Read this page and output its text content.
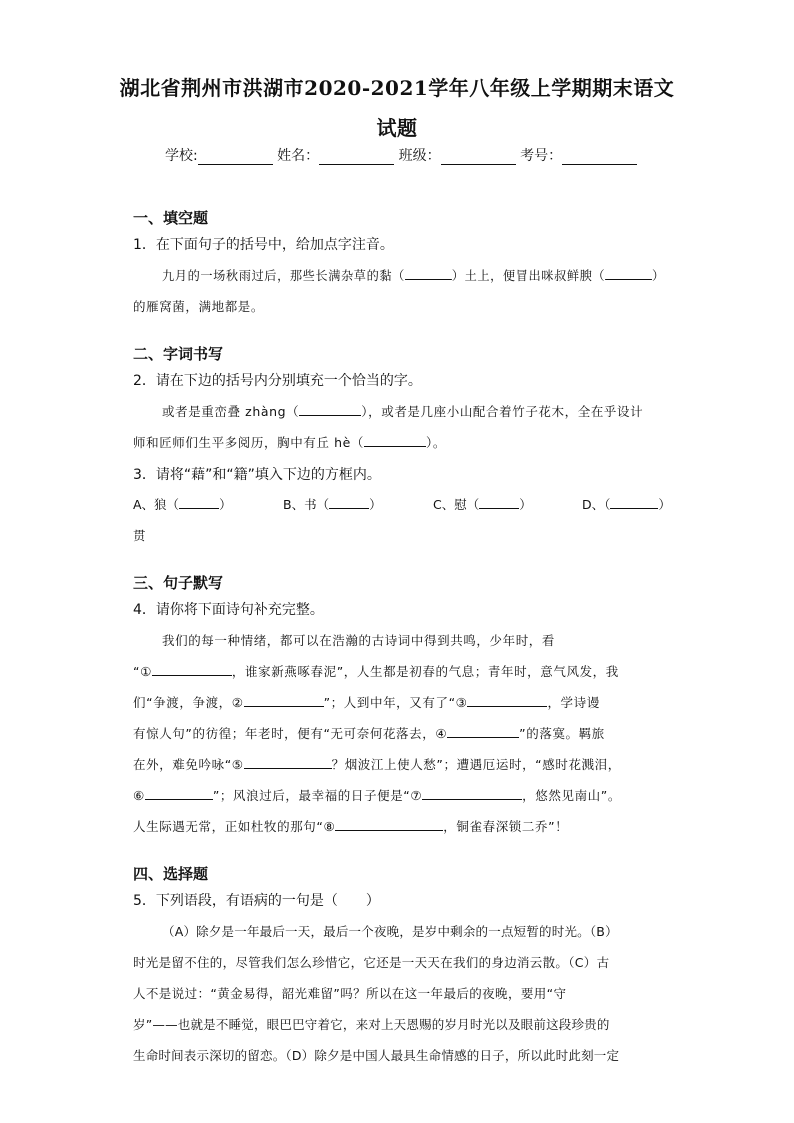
湖北省荆州市洪湖市2020-2021学年八年级上学期期末语文
试题
学校:	姓名：	班级：	考号：
一、填空题
1．在下面句子的括号中，给加点字注音。
九月的一场秋雨过后，那些长满杂草的黏（	）土上，便冒出咪叔鲜腴（	）
的雁窝菌，满地都是。
二、字词书写
2．请在下边的括号内分别填充一个恰当的字。
或者是重峦叠 zhàng（	），或者是几座小山配合着竹子花木，全在乎设计
师和匠师们生平多阅历，胸中有丘 hè（	）。
3．请将“藉”和“籍”填入下边的方框内。
A、狼（	）	B、书（	）	C、慰（	）	D、（	）
贯
三、句子默写
4．请你将下面诗句补充完整。
我们的每一种情绪，都可以在浩瀚的古诗词中得到共鸣，少年时，看
“①	，谁家新燕啄春泥”，人生都是初春的气息；青年时，意气风发，我
们“争渡，争渡，②	”；人到中年，又有了“③	，学诗谩
有惊人句”的彷徨；年老时，便有“无可奈何花落去，④	”的落寞。羁旅
在外，难免吟咏“⑤	？烟波江上使人愁”；遭遇厄运时，“感时花溅泪，
⑥	”；风浪过后，最幸福的日子便是“⑦	，悠然见南山”。
人生际遇无常，正如杜牧的那句“⑧	，铜雀春深锁二乔”！
四、选择题
5．下列语段，有语病的一句是（　　）
（A）除夕是一年最后一天，最后一个夜晚，是岁中剩余的一点短暂的时光。（B）
时光是留不住的，尽管我们怎么珍惜它，它还是一天天在我们的身边消云散。（C）古
人不是说过：“黄金易得，韶光难留”吗？所以在这一年最后的夜晚，要用“守
岁”——也就是不睡觉，眼巴巴守着它，来对上天恩赐的岁月时光以及眼前这段珍贵的
生命时间表示深切的留恋。（D）除夕是中国人最具生命情感的日子，所以此时此刻一定
